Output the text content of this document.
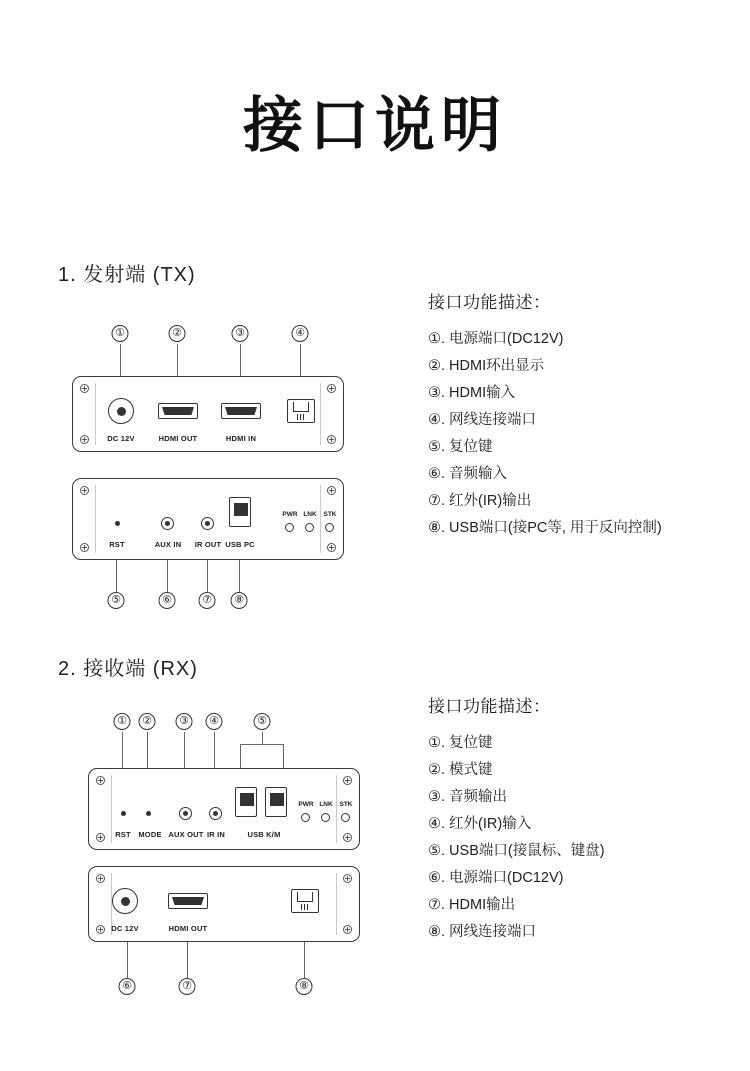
接口说明
1. 发射端 (TX)
①	②	③	④
DC 12V	HDMI OUT	HDMI IN
RST	AUX IN IR OUT USB PC
PWR LNK STK
⑤	⑥	⑦	⑧
接口功能描述：
①. 电源端口(DC12V)
②. HDMI环出显示
③. HDMI输入
④. 网线连接端口
⑤. 复位键
⑥. 音频输入
⑦. 红外(IR)输出
⑧. USB端口(接PC等, 用于反向控制)
2. 接收端 (RX)
①	②	③	④	⑤
RST MODE AUX OUT IR IN	USB K/M
PWR LNK STK
DC 12V	HDMI OUT
⑥	⑦	⑧
接口功能描述：
①. 复位键
②. 模式键
③. 音频输出
④. 红外(IR)输入
⑤. USB端口(接鼠标、键盘)
⑥. 电源端口(DC12V)
⑦. HDMI输出
⑧. 网线连接端口
